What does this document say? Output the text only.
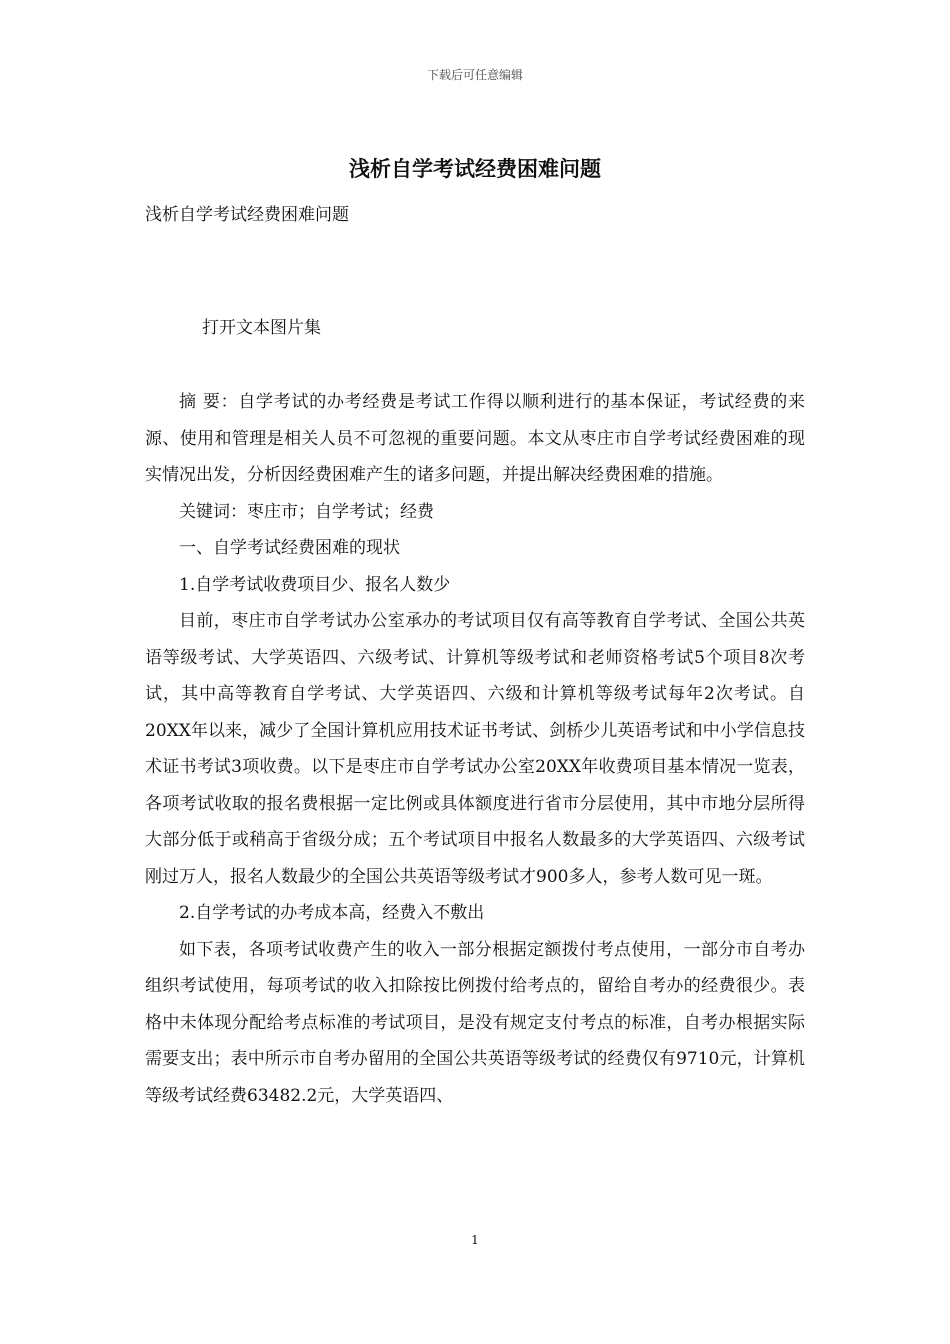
下载后可任意编辑
浅析自学考试经费困难问题
浅析自学考试经费困难问题
打开文本图片集

摘 要：自学考试的办考经费是考试工作得以顺利进行的基本保证，考试经费的来源、使用和管理是相关人员不可忽视的重要问题。本文从枣庄市自学考试经费困难的现实情况出发，分析因经费困难产生的诸多问题，并提出解决经费困难的措施。

关键词：枣庄市；自学考试；经费

一、自学考试经费困难的现状

1.自学考试收费项目少、报名人数少

目前，枣庄市自学考试办公室承办的考试项目仅有高等教育自学考试、全国公共英语等级考试、大学英语四、六级考试、计算机等级考试和老师资格考试5个项目8次考试，其中高等教育自学考试、大学英语四、六级和计算机等级考试每年2次考试。自20XX年以来，减少了全国计算机应用技术证书考试、剑桥少儿英语考试和中小学信息技术证书考试3项收费。以下是枣庄市自学考试办公室20XX年收费项目基本情况一览表，各项考试收取的报名费根据一定比例或具体额度进行省市分层使用，其中市地分层所得大部分低于或稍高于省级分成；五个考试项目中报名人数最多的大学英语四、六级考试刚过万人，报名人数最少的全国公共英语等级考试才900多人，参考人数可见一斑。

2.自学考试的办考成本高，经费入不敷出

如下表，各项考试收费产生的收入一部分根据定额拨付考点使用，一部分市自考办组织考试使用，每项考试的收入扣除按比例拨付给考点的，留给自考办的经费很少。表格中未体现分配给考点标准的考试项目，是没有规定支付考点的标准，自考办根据实际需要支出；表中所示市自考办留用的全国公共英语等级考试的经费仅有9710元，计算机等级考试经费63482.2元，大学英语四、

1
